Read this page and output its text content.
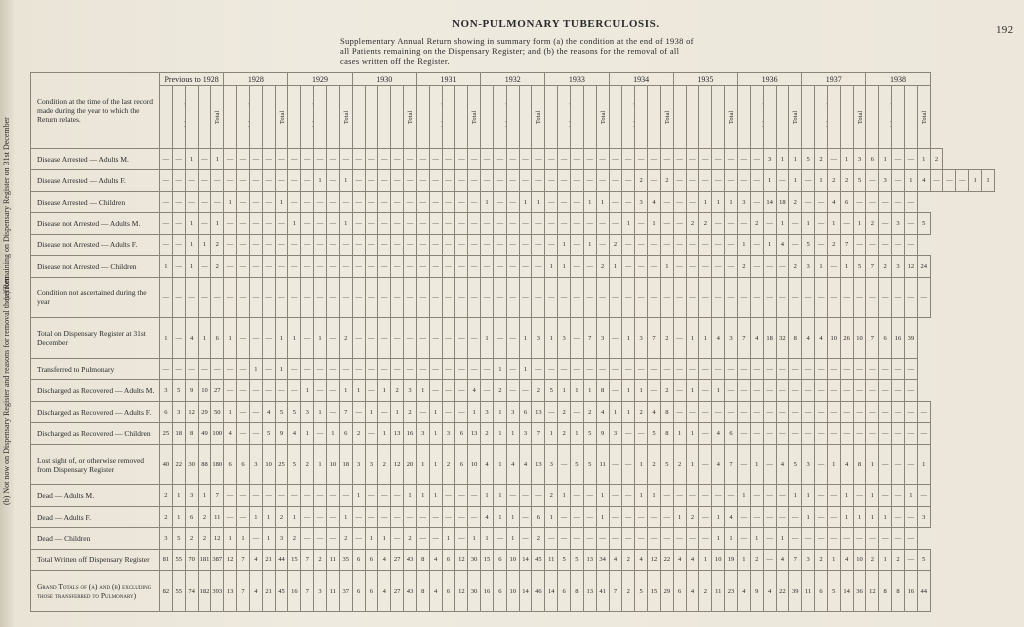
NON-PULMONARY TUBERCULOSIS.	192
Supplementary Annual Return showing in summary form (a) the condition at the end of 1938 of all Patients remaining on the Dispensary Register; and (b) the reasons for the removal of all cases written off the Register.
(a) Remaining on Dispensary Register on 31st December
(b) Not now on Dispensary Register and reasons for removal therefrom
Condition at the time of the last record made during the year to which the Return relates.	Previous to 1928	1928	1929	1930	1931	1932	1933	1934	1935	1936	1937	1938
				Total					Total					Total					Total					Total					Total					Total					Total					Total					Total					Total					Total
Disease Arrested — Adults M.	—	—	1	—	1	—	—	—	—	—	—	—	—	—	—	—	—	—	—	—	—	—	—	—	—	—	—	—	—	—	—	—	—	—	—	—	—	—	—	—	—	—	—	—	—	—	—	3	1	1	5	2	—	1	3	6	1	—	—	1	2
Disease Arrested — Adults F.	—	—	—	—	—	—	—	—	—	—	—	—	1	—	1	—	—	—	—	—	—	—	—	—	—	—	—	—	—	—	—	—	—	—	—	—	—	2	—	2	—	—	—	—	—	—	—	1	—	1	—	1	2	2	5	—	3	—	1	4	—	—	—	1	1
Disease Arrested — Children	—	—	—	—	—	1	—	—	—	1	—	—	—	—	—	—	—	—	—	—	—	—	—	—	—	1	—	—	1	1	—	—	—	1	1	—	—	3	4	—	—	—	1	1	1	3	—	14	18	2	—	—	4	6	—	—	—	—	—
Disease not Arrested — Adults M.	—	—	1	—	1	—	—	—	—	—	1	—	—	—	1	—	—	—	—	—	—	—	—	—	—	—	—	—	—	—	—	—	—	—	—	—	1	—	1	—	—	2	2	—	—	—	2	—	1	—	1	—	1	—	1	2	—	3	—	5
Disease not Arrested — Adults F.	—	—	1	1	2	—	—	—	—	—	—	—	—	—	—	—	—	—	—	—	—	—	—	—	—	—	—	—	—	—	—	1	—	1	—	2	—	—	—	—	—	—	—	—	—	1	—	1	4	—	5	—	2	7	—	—	—	—	—
Disease not Arrested — Children	1	—	1	—	2	—	—	—	—	—	—	—	—	—	—	—	—	—	—	—	—	—	—	—	—	—	—	—	—	—	1	1	—	—	2	1	—	—	—	1	—	—	—	—	—	2	—	—	—	2	3	1	—	1	5	7	2	3	12	24
Condition not ascertained during the year	—	—	—	—	—	—	—	—	—	—	—	—	—	—	—	—	—	—	—	—	—	—	—	—	—	—	—	—	—	—	—	—	—	—	—	—	—	—	—	—	—	—	—	—	—	—	—	—	—	—	—	—	—	—	—	—	—	—	—	—
Total on Dispensary Register at 31st December	1	—	4	1	6	1	—	—	—	1	1	—	1	—	2	—	—	—	—	—	—	—	—	—	—	1	—	—	1	3	1	3	—	7	3	—	1	3	7	2	—	1	1	4	3	7	4	18	32	8	4	4	10	26	10	7	6	16	39
Transferred to Pulmonary	—	—	—	—	—	—	—	1	—	1	—	—	—	—	—	—	—	—	—	—	—	—	—	—	—	—	1	—	1	—	—	—	—	—	—	—	—	—	—	—	—	—	—	—	—	—	—	—	—	—	—	—	—	—	—	—	—	—	—
Discharged as Recovered — Adults M.	3	5	9	10	27	—	—	—	—	—	—	1	—	—	1	1	—	1	2	3	1	—	—	—	4	—	2	—	—	2	5	1	1	1	8	—	1	1	—	2	—	1	—	1	—	—	—	—	—	—	—	—	—	—	—	—	—	—	—
Discharged as Recovered — Adults F.	6	3	12	29	50	1	—	—	4	5	5	3	1	—	7	—	1	—	1	2	—	1	—	—	1	3	1	3	6	13	—	2	—	2	4	1	1	2	4	8	—	—	—	—	—	—	—	—	—	—	—	—	—	—	—	—	—	—	—	—
Discharged as Recovered — Children	25	18	8	49	100	4	—	—	5	9	4	1	—	1	6	2	—	1	13	16	3	1	3	6	13	2	1	1	3	7	1	2	1	5	9	3	—	—	5	8	1	1	—	4	6	—	—	—	—	—	—	—	—	—	—	—	—	—	—	—
Lost sight of, or otherwise removed from Dispensary Register	40	22	30	88	180	6	6	3	10	25	5	2	1	10	18	3	3	2	12	20	1	1	2	6	10	4	1	4	4	13	3	—	5	5	11	—	—	1	2	5	2	1	—	4	7	—	1	—	4	5	3	—	1	4	8	1	—	—	—	1
Dead — Adults M.	2	1	3	1	7	—	—	—	—	—	—	—	—	—	—	1	—	—	—	1	1	1	—	—	—	1	1	—	—	—	2	1	—	—	1	—	—	1	1	—	—	—	—	—	—	1	—	—	—	1	1	—	—	1	—	1	—	—	1	—
Dead — Adults F.	2	1	6	2	11	—	—	1	1	2	1	—	—	—	1	—	—	—	—	—	—	—	—	—	—	4	1	1	—	6	1	—	—	—	1	—	—	—	—	—	1	2	—	1	4	—	—	—	—	—	1	—	—	1	1	1	1	—	—	3
Dead — Children	3	5	2	2	12	1	1	—	1	3	2	—	—	—	2	—	1	1	—	2	—	—	1	—	1	1	—	1	—	2	—	—	—	—	—	—	—	—	—	—	—	—	—	1	1	—	1	—	1	—	—	—	—	—	—	—	—	—	—
Total Written off Dispensary Register	81	55	70	181	387	12	7	4	21	44	15	7	2	11	35	6	6	4	27	43	8	4	6	12	30	15	6	10	14	45	11	5	5	13	34	4	2	4	12	22	4	4	1	10	19	1	2	—	4	7	3	2	1	4	10	2	1	2	—	5
Grand Totals of (a) and (b) excluding those transferred to Pulmonary)	82	55	74	182	393	13	7	4	21	45	16	7	3	11	37	6	6	4	27	43	8	4	6	12	30	16	6	10	14	46	14	6	8	13	41	7	2	5	15	29	6	4	2	11	23	4	9	4	22	39	11	6	5	14	36	12	8	8	16	44
